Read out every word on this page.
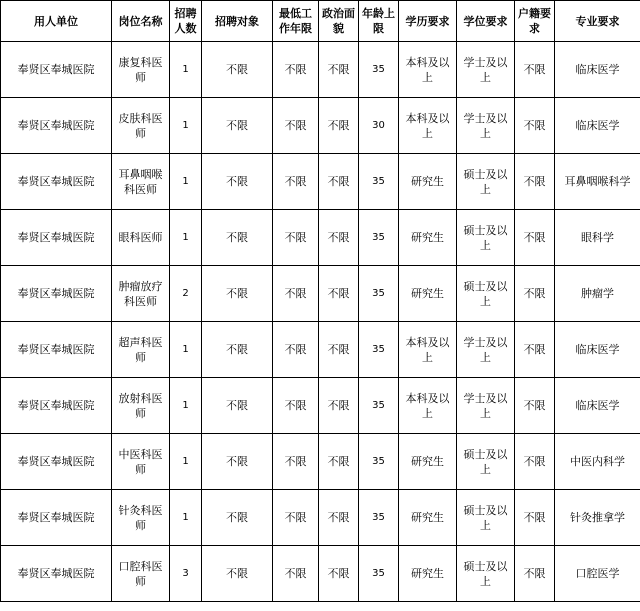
用人单位	岗位名称	招聘人数	招聘对象	最低工作年限	政治面貌	年龄上限	学历要求	学位要求	户籍要求	专业要求
奉贤区奉城医院	康复科医师	1	不限	不限	不限	35	本科及以上	学士及以上	不限	临床医学
奉贤区奉城医院	皮肤科医师	1	不限	不限	不限	30	本科及以上	学士及以上	不限	临床医学
奉贤区奉城医院	耳鼻咽喉科医师	1	不限	不限	不限	35	研究生	硕士及以上	不限	耳鼻咽喉科学
奉贤区奉城医院	眼科医师	1	不限	不限	不限	35	研究生	硕士及以上	不限	眼科学
奉贤区奉城医院	肿瘤放疗科医师	2	不限	不限	不限	35	研究生	硕士及以上	不限	肿瘤学
奉贤区奉城医院	超声科医师	1	不限	不限	不限	35	本科及以上	学士及以上	不限	临床医学
奉贤区奉城医院	放射科医师	1	不限	不限	不限	35	本科及以上	学士及以上	不限	临床医学
奉贤区奉城医院	中医科医师	1	不限	不限	不限	35	研究生	硕士及以上	不限	中医内科学
奉贤区奉城医院	针灸科医师	1	不限	不限	不限	35	研究生	硕士及以上	不限	针灸推拿学
奉贤区奉城医院	口腔科医师	3	不限	不限	不限	35	研究生	硕士及以上	不限	口腔医学
